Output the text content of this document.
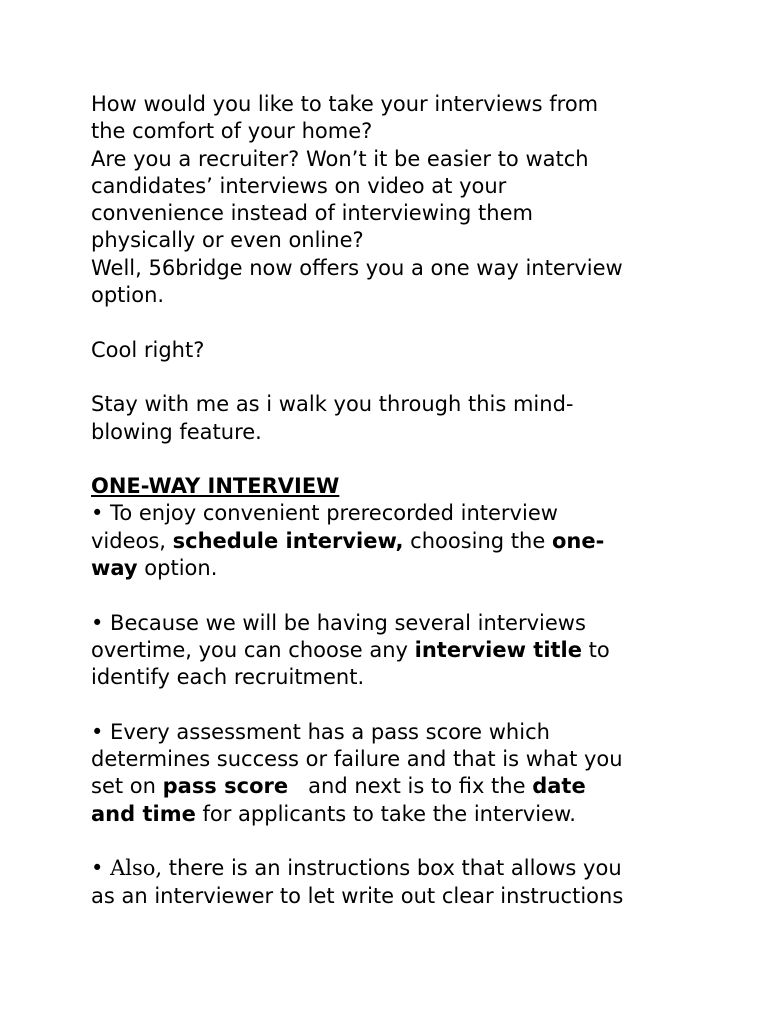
How would you like to take your interviews from
the comfort of your home?
Are you a recruiter? Won’t it be easier to watch
candidates’ interviews on video at your
convenience instead of interviewing them
physically or even online?
Well, 56bridge now offers you a one way interview
option.
Cool right?
Stay with me as i walk you through this mind-
blowing feature.
ONE-WAY INTERVIEW
• To enjoy convenient prerecorded interview
videos, schedule interview, choosing the one-
way option.
• Because we will be having several interviews
overtime, you can choose any interview title to
identify each recruitment.
• Every assessment has a pass score which
determines success or failure and that is what you
set on pass score   and next is to fix the date
and time for applicants to take the interview.
• Also, there is an instructions box that allows you
as an interviewer to let write out clear instructions
